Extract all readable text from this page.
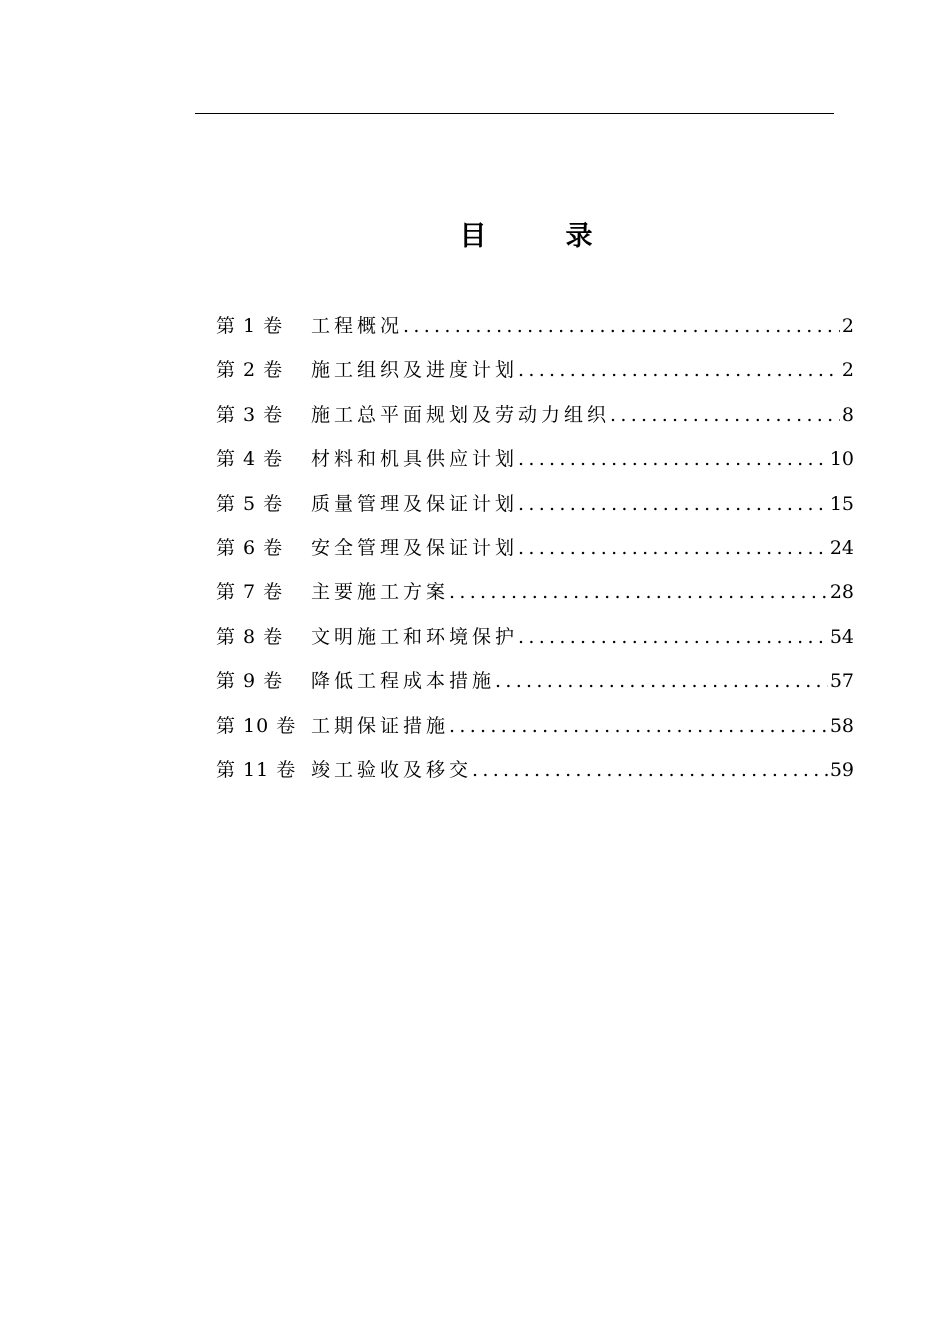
目　录
第 1 卷	工程概况 .....	2
第 2 卷	施工组织及进度计划 .....	2
第 3 卷	施工总平面规划及劳动力组织 .....	8
第 4 卷	材料和机具供应计划 .....	10
第 5 卷	质量管理及保证计划 .....	15
第 6 卷	安全管理及保证计划 .....	24
第 7 卷	主要施工方案 .....	28
第 8 卷	文明施工和环境保护 .....	54
第 9 卷	降低工程成本措施 .....	57
第 10 卷 工期保证措施 .....	58
第 11 卷 竣工验收及移交 .....	59
